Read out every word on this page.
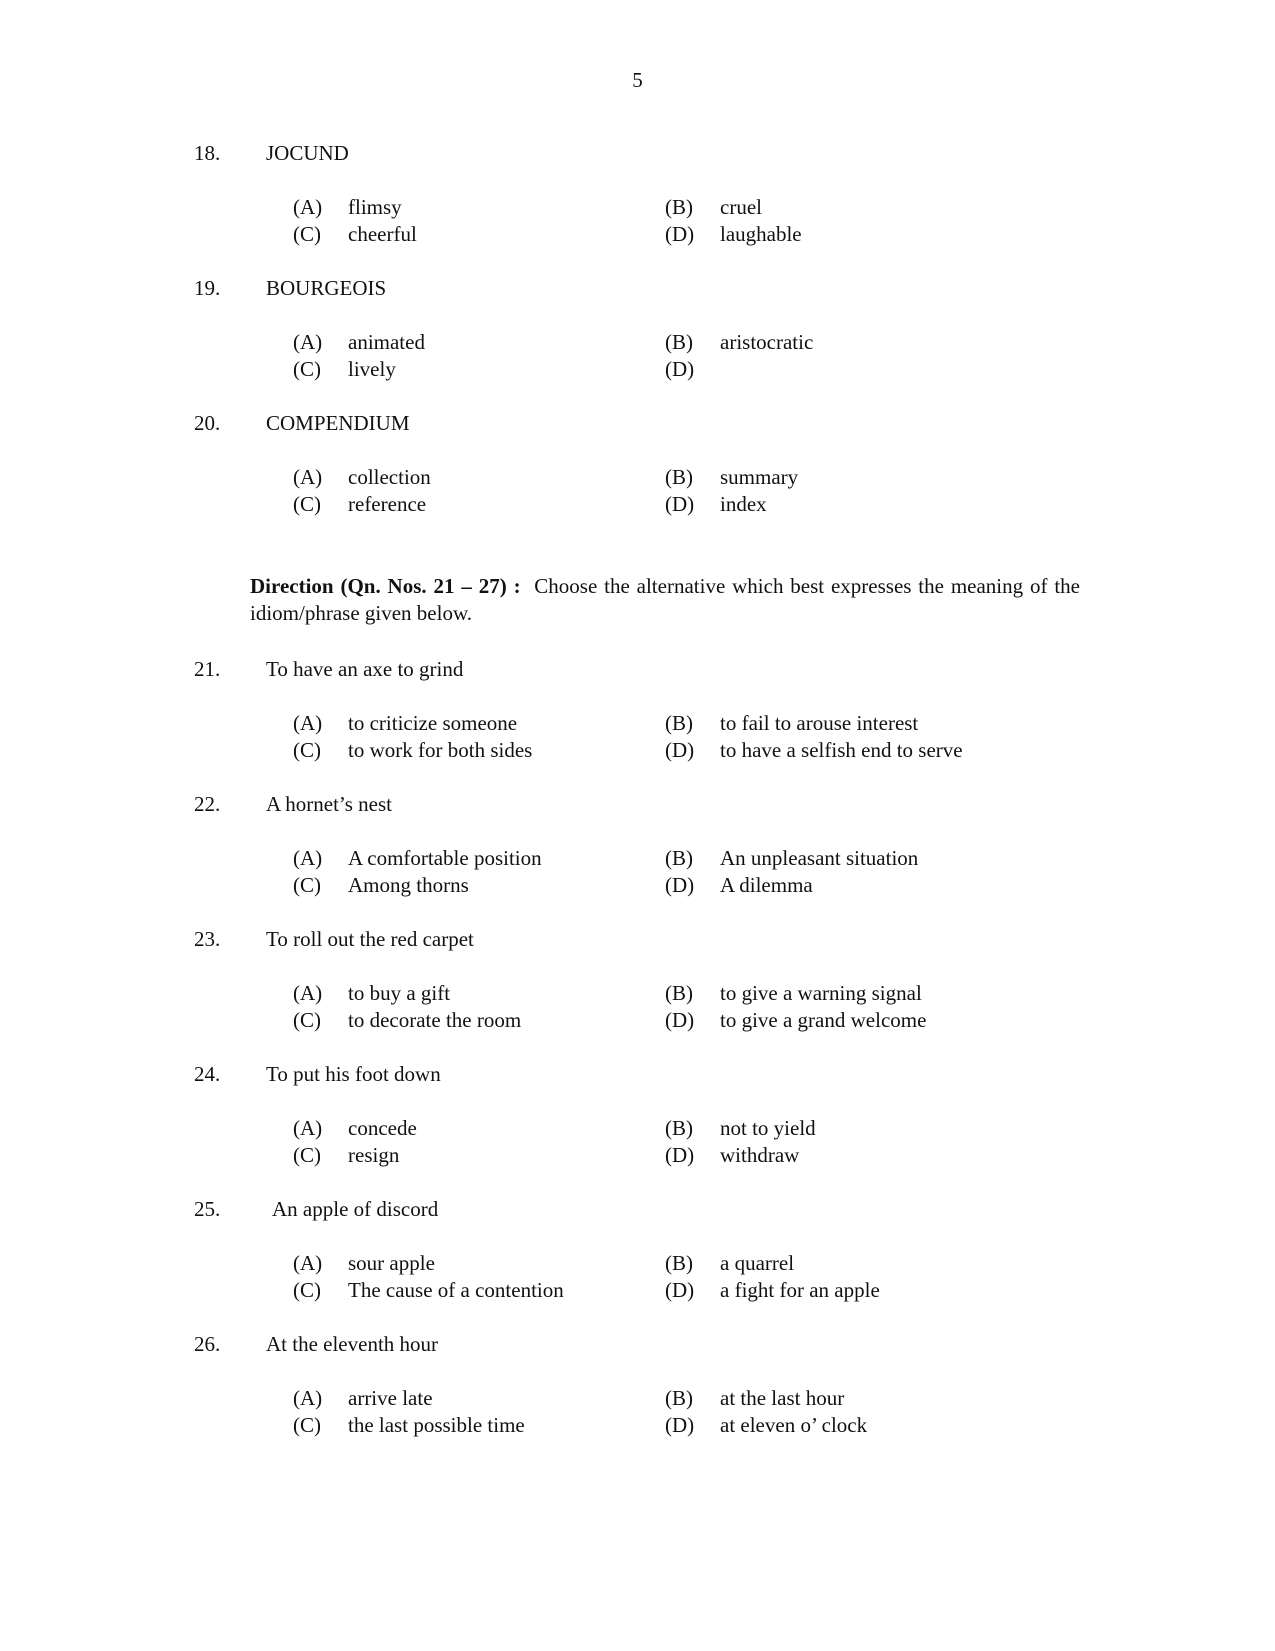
5
18. JOCUND
(A) flimsy	(B) cruel
(C) cheerful	(D) laughable
19. BOURGEOIS
(A) animated	(B) aristocratic
(C) lively	(D)
20. COMPENDIUM
(A) collection	(B) summary
(C) reference	(D) index
Direction (Qn. Nos. 21 – 27) : Choose the alternative which best expresses the meaning of the idiom/phrase given below.
21. To have an axe to grind
(A) to criticize someone	(B) to fail to arouse interest
(C) to work for both sides	(D) to have a selfish end to serve
22. A hornet’s nest
(A) A comfortable position	(B) An unpleasant situation
(C) Among thorns	(D) A dilemma
23. To roll out the red carpet
(A) to buy a gift	(B) to give a warning signal
(C) to decorate the room	(D) to give a grand welcome
24. To put his foot down
(A) concede	(B) not to yield
(C) resign	(D) withdraw
25. An apple of discord
(A) sour apple	(B) a quarrel
(C) The cause of a contention	(D) a fight for an apple
26. At the eleventh hour
(A) arrive late	(B) at the last hour
(C) the last possible time	(D) at eleven o’ clock
